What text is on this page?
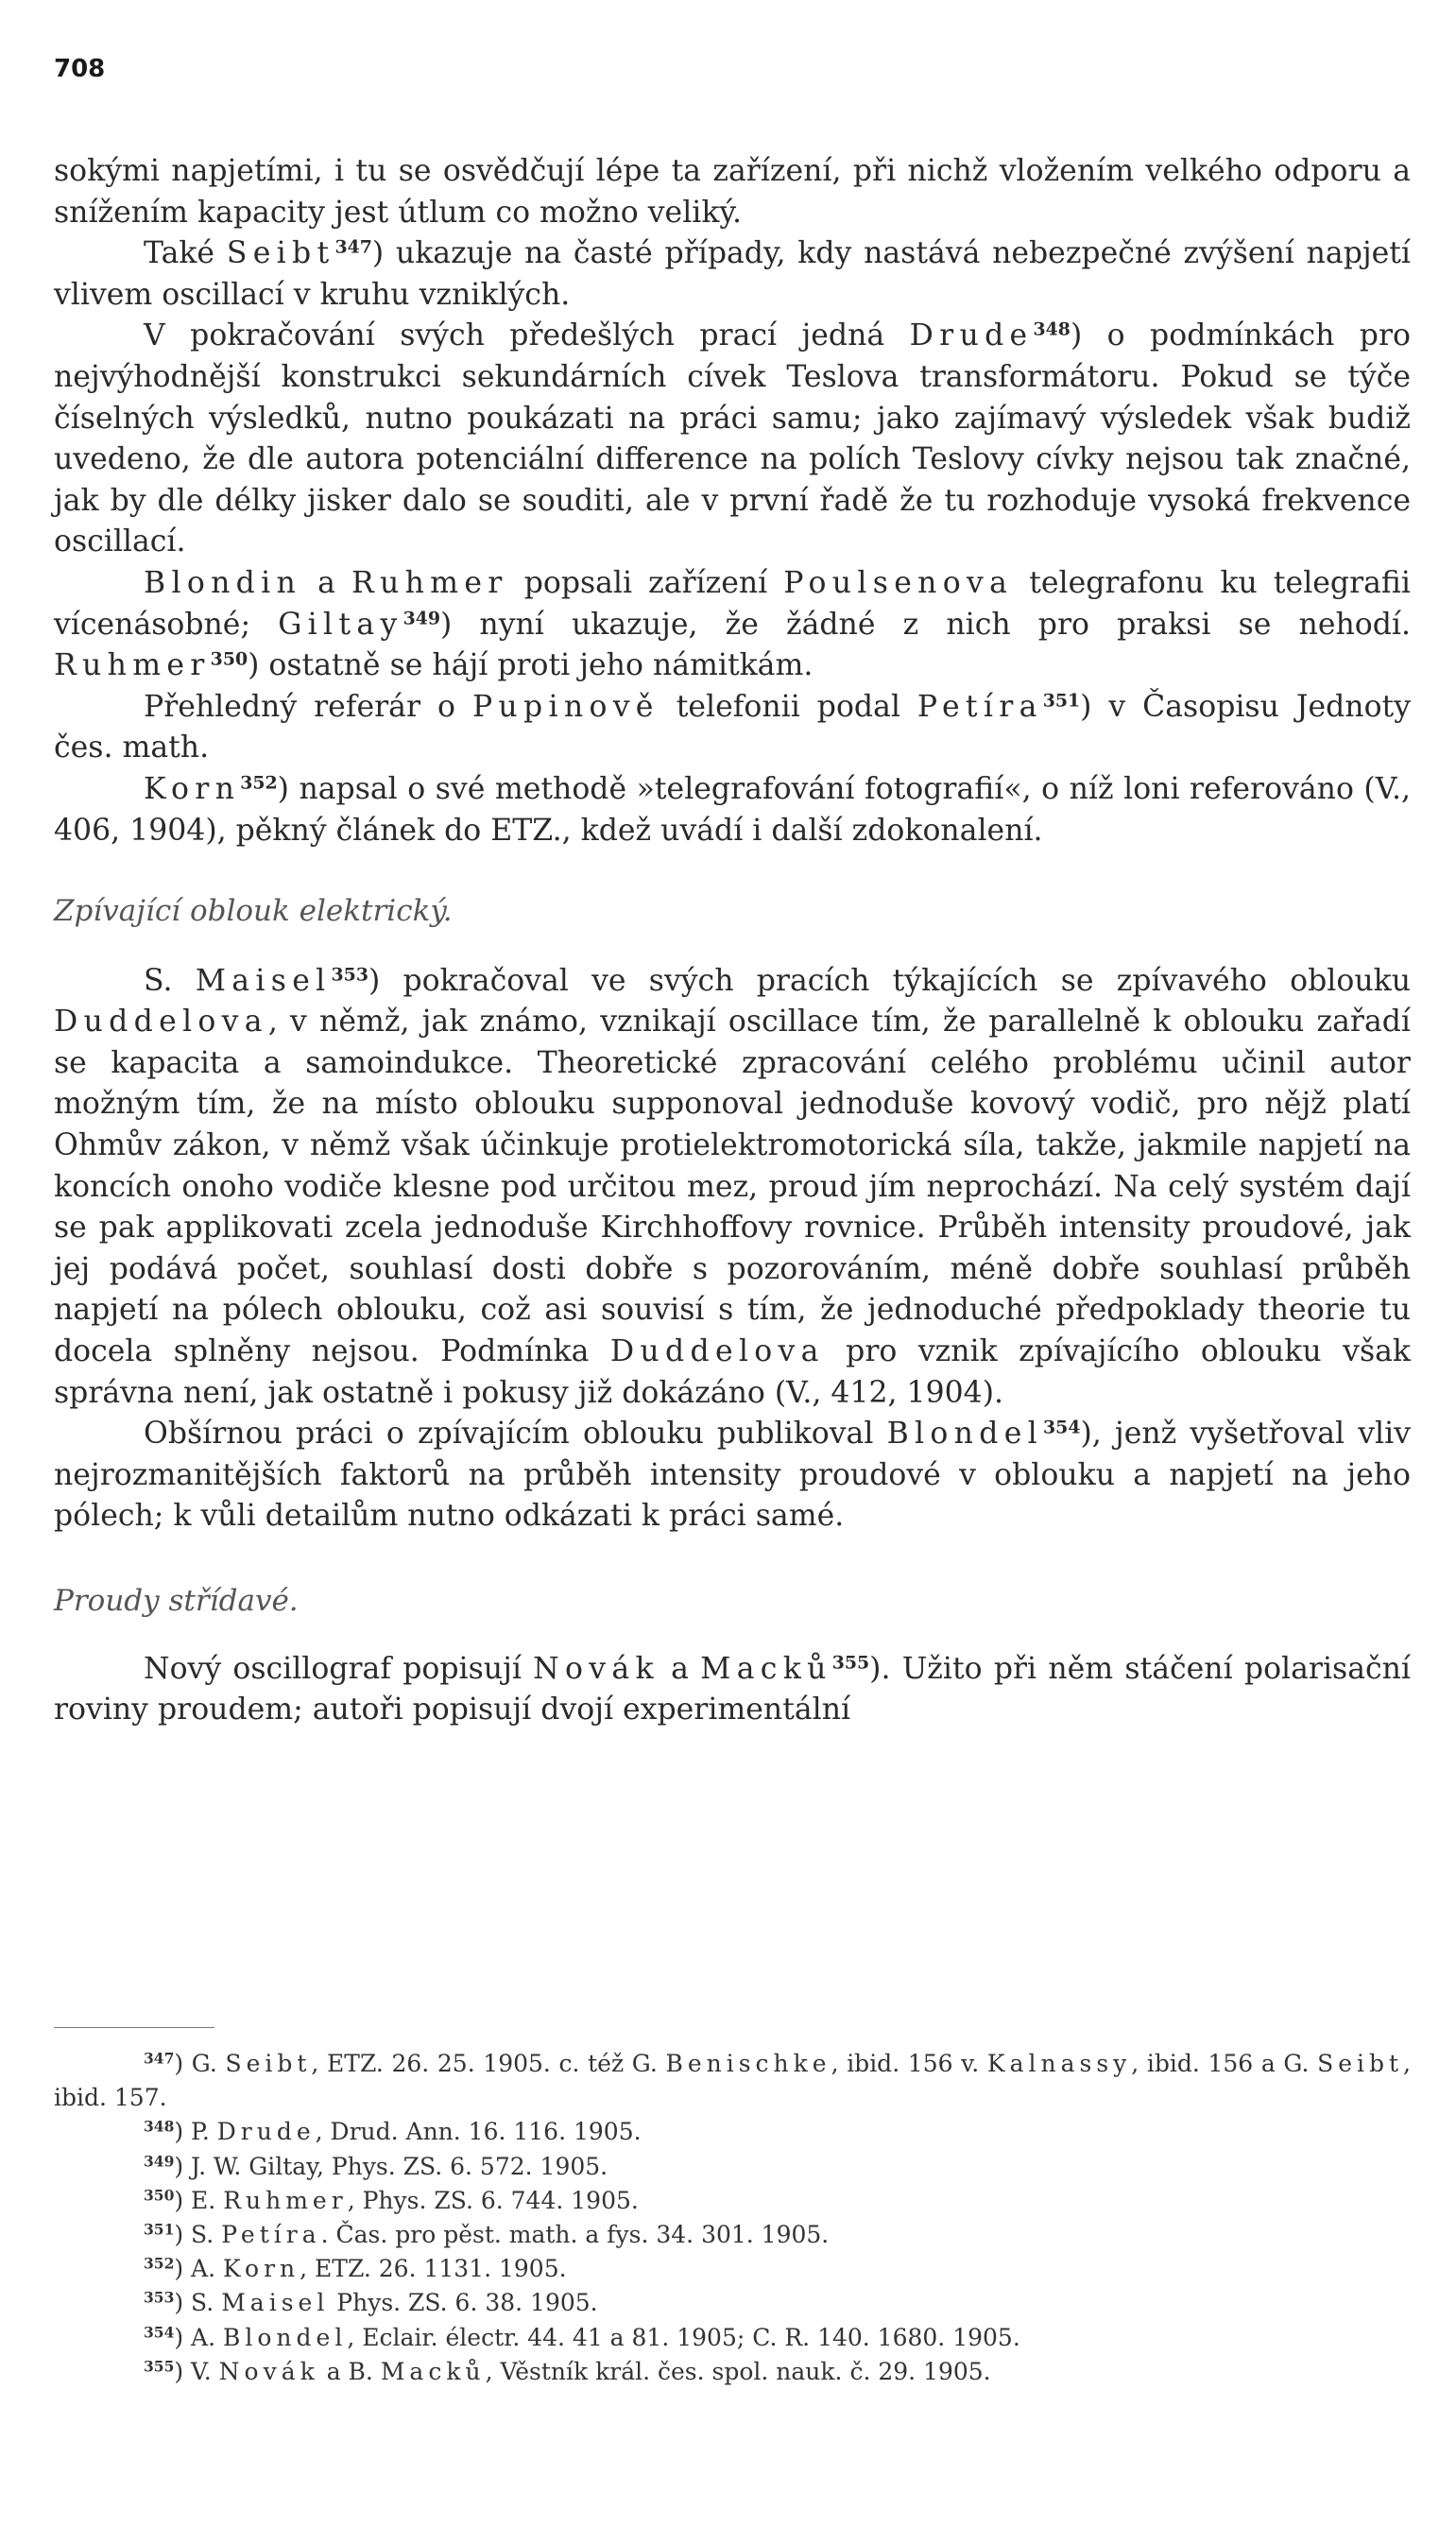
708

sokými napjetími, i tu se osvědčují lépe ta zařízení, při nichž vložením velkého odporu a snížením kapacity jest útlum co možno veliký.

Také Seibt$^{347}$) ukazuje na časté případy, kdy nastává nebezpečné zvýšení napjetí vlivem oscillací v kruhu vzniklých.

V pokračování svých předešlých prací jedná Drude$^{348}$) o podmínkách pro nejvýhodnější konstrukci sekundárních cívek Teslova transformátoru. Pokud se týče číselných výsledků, nutno poukázati na práci samu; jako zajímavý výsledek však budiž uvedeno, že dle autora potenciální difference na polích Teslovy cívky nejsou tak značné, jak by dle délky jisker dalo se souditi, ale v první řadě že tu rozhoduje vysoká frekvence oscillací.

Blondin a Ruhmer popsali zařízení Poulsenova telegrafonu ku telegrafii vícenásobné; Giltay$^{349}$) nyní ukazuje, že žádné z nich pro praksi se nehodí. Ruhmer$^{350}$) ostatně se hájí proti jeho námitkám.

Přehledný referár o Pupinově telefonii podal Petíra$^{351}$) v Časopisu Jednoty čes. math.

Korn$^{352}$) napsal o své methodě »telegrafování fotografií«, o níž loni referováno (V., 406, 1904), pěkný článek do ETZ., kdež uvádí i další zdokonalení.

Zpívající oblouk elektrický.

S. Maisel$^{353}$) pokračoval ve svých pracích týkajících se zpívavého oblouku Duddelova, v němž, jak známo, vznikají oscillace tím, že parallelně k oblouku zařadí se kapacita a samoindukce. Theoretické zpracování celého problému učinil autor možným tím, že na místo oblouku supponoval jednoduše kovový vodič, pro nějž platí Ohmův zákon, v němž však účinkuje protielektromotorická síla, takže, jakmile napjetí na koncích onoho vodiče klesne pod určitou mez, proud jím neprochází. Na celý systém dají se pak applikovati zcela jednoduše Kirchhoffovy rovnice. Průběh intensity proudové, jak jej podává počet, souhlasí dosti dobře s pozorováním, méně dobře souhlasí průběh napjetí na pólech oblouku, což asi souvisí s tím, že jednoduché předpoklady theorie tu docela splněny nejsou. Podmínka Duddelova pro vznik zpívajícího oblouku však správna není, jak ostatně i pokusy již dokázáno (V., 412, 1904).

Obšírnou práci o zpívajícím oblouku publikoval Blondel$^{354}$), jenž vyšetřoval vliv nejrozmanitějších faktorů na průběh intensity proudové v oblouku a napjetí na jeho pólech; k vůli detailům nutno odkázati k práci samé.

Proudy střídavé.

Nový oscillograf popisují Novák a Macků$^{355}$). Užito při něm stáčení polarisační roviny proudem; autoři popisují dvojí experimentální

$^{347}$) G. Seibt, ETZ. 26. 25. 1905. c. též G. Benischke, ibid. 156 v. Kalnassy, ibid. 156 a G. Seibt, ibid. 157.

$^{348}$) P. Drude, Drud. Ann. 16. 116. 1905.

$^{349}$) J. W. Giltay, Phys. ZS. 6. 572. 1905.

$^{350}$) E. Ruhmer, Phys. ZS. 6. 744. 1905.

$^{351}$) S. Petíra. Čas. pro pěst. math. a fys. 34. 301. 1905.

$^{352}$) A. Korn, ETZ. 26. 1131. 1905.

$^{353}$) S. Maisel Phys. ZS. 6. 38. 1905.

$^{354}$) A. Blondel, Eclair. électr. 44. 41 a 81. 1905; C. R. 140. 1680. 1905.

$^{355}$) V. Novák a B. Macků, Věstník král. čes. spol. nauk. č. 29. 1905.
